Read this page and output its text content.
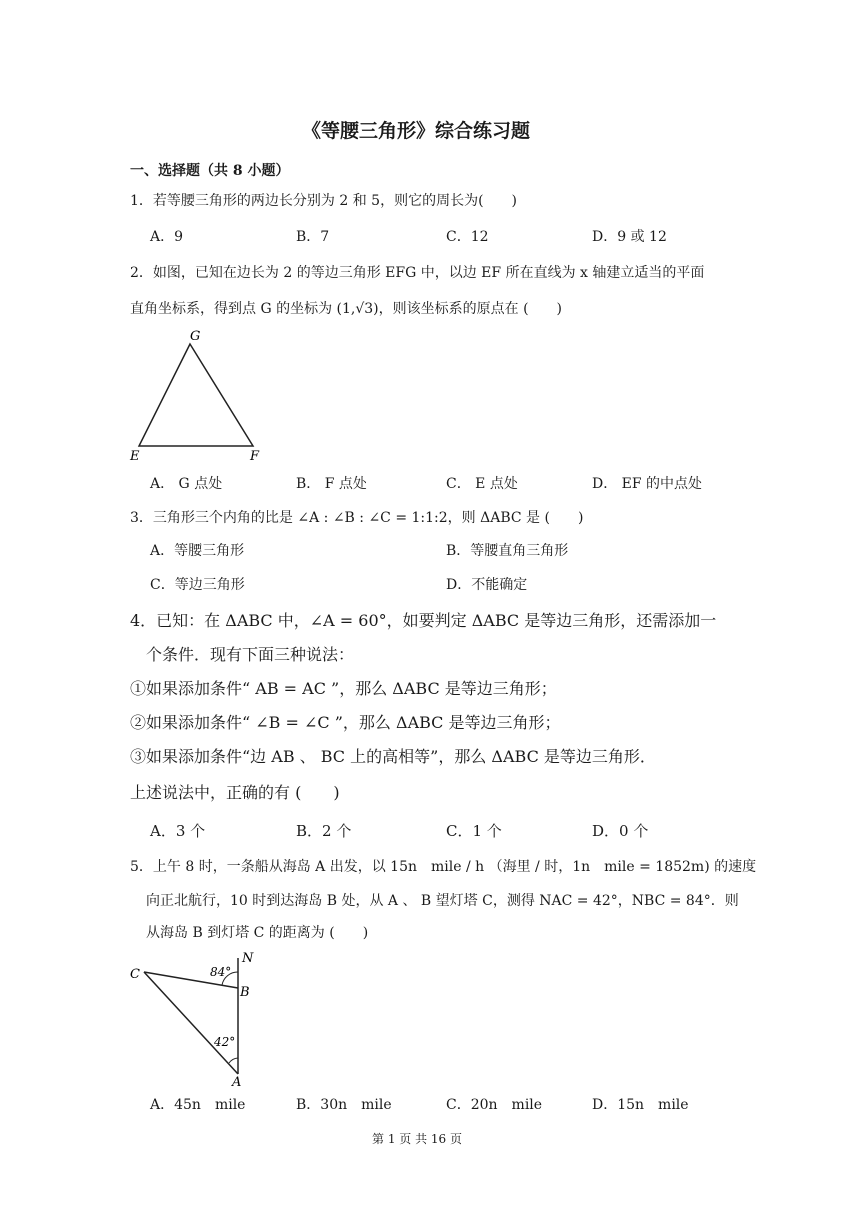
《等腰三角形》综合练习题
一、选择题（共 8 小题）
1．若等腰三角形的两边长分别为 2 和 5，则它的周长为(　　)
A．9	B．7	C．12	D．9 或 12
2．如图，已知在边长为 2 的等边三角形 EFG 中，以边 EF 所在直线为 x 轴建立适当的平面
直角坐标系，得到点 G 的坐标为 (1,√3)，则该坐标系的原点在 (　　)
G
E	F
A． G 点处	B． F 点处	C． E 点处	D． EF 的中点处
3．三角形三个内角的比是 ∠A : ∠B : ∠C = 1:1:2，则 ΔABC 是 (　　)
A．等腰三角形	B．等腰直角三角形
C．等边三角形	D．不能确定
4．已知：在 ΔABC 中，∠A = 60°，如要判定 ΔABC 是等边三角形，还需添加一
个条件．现有下面三种说法：
①如果添加条件“ AB = AC ”，那么 ΔABC 是等边三角形；
②如果添加条件“ ∠B = ∠C ”，那么 ΔABC 是等边三角形；
③如果添加条件“边 AB 、 BC 上的高相等”，那么 ΔABC 是等边三角形．
上述说法中，正确的有 (　　)
A．3 个	B．2 个	C．1 个	D．0 个
5．上午 8 时，一条船从海岛 A 出发，以 15n　mile / h （海里 / 时，1n　mile = 1852m) 的速度
向正北航行，10 时到达海岛 B 处，从 A 、 B 望灯塔 C，测得 NAC = 42°，NBC = 84°．则
从海岛 B 到灯塔 C 的距离为 (　　)
N
C
B
A
84°
42°
A．45n　mile	B．30n　mile	C．20n　mile	D．15n　mile
第 1 页 共 16 页
